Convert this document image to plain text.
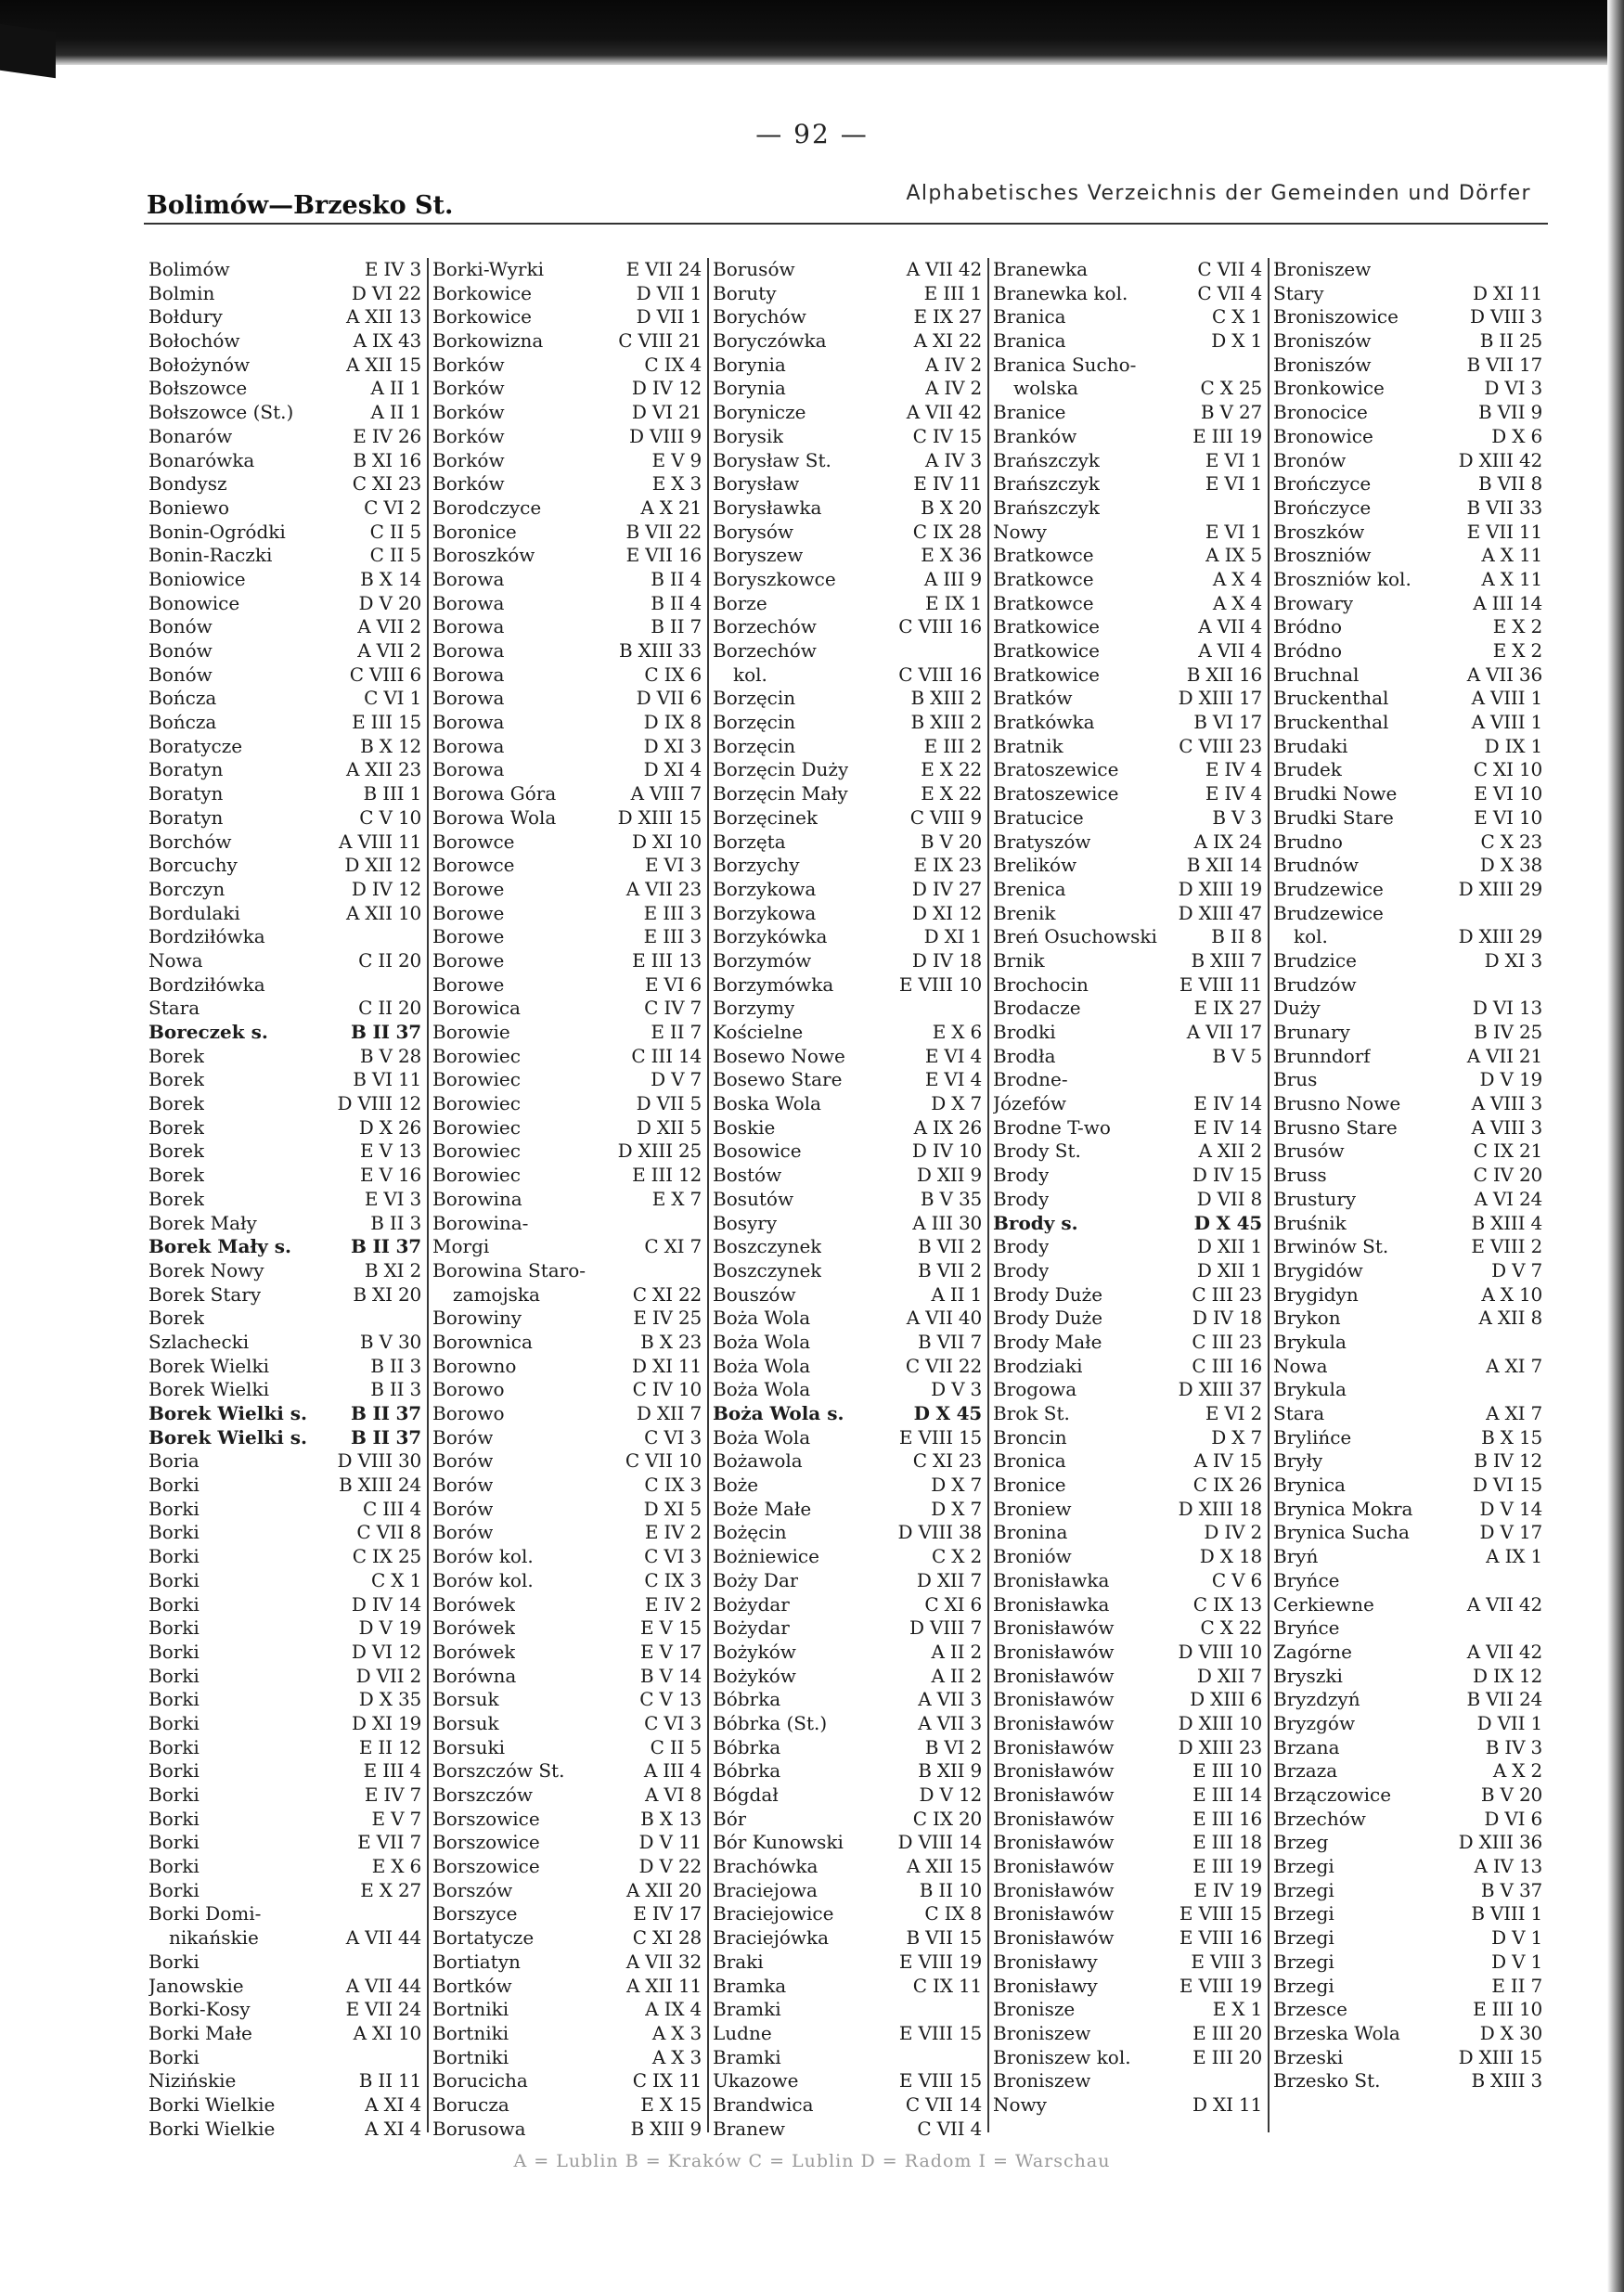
— 92 —
Bolimów—Brzesko St.	Alphabetisches Verzeichnis der Gemeinden und Dörfer
Bolimów	E IV 3
Bolmin	D VI 22
Bołdury	A XII 13
Bołochów	A IX 43
Bołożynów	A XII 15
Bołszowce	A II 1
Bołszowce (St.)	A II 1
Bonarów	E IV 26
Bonarówka	B XI 16
Bondysz	C XI 23
Boniewo	C VI 2
Bonin-Ogródki	C II 5
Bonin-Raczki	C II 5
Boniowice	B X 14
Bonowice	D V 20
Bonów	A VII 2
Bonów	A VII 2
Bonów	C VIII 6
Bończa	C VI 1
Bończa	E III 15
Boratycze	B X 12
Boratyn	A XII 23
Boratyn	B III 1
Boratyn	C V 10
Borchów	A VIII 11
Borcuchy	D XII 12
Borczyn	D IV 12
Bordulaki	A XII 10
Bordziłówka
Nowa	C II 20
Bordziłówka
Stara	C II 20
Boreczek s.	B II 37
Borek	B V 28
Borek	B VI 11
Borek	D VIII 12
Borek	D X 26
Borek	E V 13
Borek	E V 16
Borek	E VI 3
Borek Mały	B II 3
Borek Mały s.	B II 37
Borek Nowy	B XI 2
Borek Stary	B XI 20
Borek
Szlachecki	B V 30
Borek Wielki	B II 3
Borek Wielki	B II 3
Borek Wielki s.	B II 37
Borek Wielki s.	B II 37
Boria	D VIII 30
Borki	B XIII 24
Borki	C III 4
Borki	C VII 8
Borki	C IX 25
Borki	C X 1
Borki	D IV 14
Borki	D V 19
Borki	D VI 12
Borki	D VII 2
Borki	D X 35
Borki	D XI 19
Borki	E II 12
Borki	E III 4
Borki	E IV 7
Borki	E V 7
Borki	E VII 7
Borki	E X 6
Borki	E X 27
Borki Domi-
nikańskie	A VII 44
Borki
Janowskie	A VII 44
Borki-Kosy	E VII 24
Borki Małe	A XI 10
Borki
Nizińskie	B II 11
Borki Wielkie	A XI 4
Borki Wielkie	A XI 4
Borki-Wyrki	E VII 24
Borkowice	D VII 1
Borkowice	D VII 1
Borkowizna	C VIII 21
Borków	C IX 4
Borków	D IV 12
Borków	D VI 21
Borków	D VIII 9
Borków	E V 9
Borków	E X 3
Borodczyce	A X 21
Boronice	B VII 22
Boroszków	E VII 16
Borowa	B II 4
Borowa	B II 4
Borowa	B II 7
Borowa	B XIII 33
Borowa	C IX 6
Borowa	D VII 6
Borowa	D IX 8
Borowa	D XI 3
Borowa	D XI 4
Borowa Góra	A VIII 7
Borowa Wola	D XIII 15
Borowce	D XI 10
Borowce	E VI 3
Borowe	A VII 23
Borowe	E III 3
Borowe	E III 3
Borowe	E III 13
Borowe	E VI 6
Borowica	C IV 7
Borowie	E II 7
Borowiec	C III 14
Borowiec	D V 7
Borowiec	D VII 5
Borowiec	D XII 5
Borowiec	D XIII 25
Borowiec	E III 12
Borowina	E X 7
Borowina-
Morgi	C XI 7
Borowina Staro-
zamojska	C XI 22
Borowiny	E IV 25
Borownica	B X 23
Borowno	D XI 11
Borowo	C IV 10
Borowo	D XII 7
Borów	C VI 3
Borów	C VII 10
Borów	C IX 3
Borów	D XI 5
Borów	E IV 2
Borów kol.	C VI 3
Borów kol.	C IX 3
Borówek	E IV 2
Borówek	E V 15
Borówek	E V 17
Borówna	B V 14
Borsuk	C V 13
Borsuk	C VI 3
Borsuki	C II 5
Borszczów St.	A III 4
Borszczów	A VI 8
Borszowice	B X 13
Borszowice	D V 11
Borszowice	D V 22
Borszów	A XII 20
Borszyce	E IV 17
Bortatycze	C XI 28
Bortiatyn	A VII 32
Bortków	A XII 11
Bortniki	A IX 4
Bortniki	A X 3
Bortniki	A X 3
Borucicha	C IX 11
Borucza	E X 15
Borusowa	B XIII 9
Borusów	A VII 42
Boruty	E III 1
Borychów	E IX 27
Boryczówka	A XI 22
Borynia	A IV 2
Borynia	A IV 2
Borynicze	A VII 42
Borysik	C IV 15
Borysław St.	A IV 3
Borysław	E IV 11
Borysławka	B X 20
Borysów	C IX 28
Boryszew	E X 36
Boryszkowce	A III 9
Borze	E IX 1
Borzechów	C VIII 16
Borzechów
kol.	C VIII 16
Borzęcin	B XIII 2
Borzęcin	B XIII 2
Borzęcin	E III 2
Borzęcin Duży	E X 22
Borzęcin Mały	E X 22
Borzęcinek	C VIII 9
Borzęta	B V 20
Borzychy	E IX 23
Borzykowa	D IV 27
Borzykowa	D XI 12
Borzykówka	D XI 1
Borzymów	D IV 18
Borzymówka	E VIII 10
Borzymy
Kościelne	E X 6
Bosewo Nowe	E VI 4
Bosewo Stare	E VI 4
Boska Wola	D X 7
Boskie	A IX 26
Bosowice	D IV 10
Bostów	D XII 9
Bosutów	B V 35
Bosyry	A III 30
Boszczynek	B VII 2
Boszczynek	B VII 2
Bouszów	A II 1
Boża Wola	A VII 40
Boża Wola	B VII 7
Boża Wola	C VII 22
Boża Wola	D V 3
Boża Wola s.	D X 45
Boża Wola	E VIII 15
Bożawola	C XI 23
Boże	D X 7
Boże Małe	D X 7
Bożęcin	D VIII 38
Bożniewice	C X 2
Boży Dar	D XII 7
Bożydar	C XI 6
Bożydar	D VIII 7
Bożyków	A II 2
Bożyków	A II 2
Bóbrka	A VII 3
Bóbrka (St.)	A VII 3
Bóbrka	B VI 2
Bóbrka	B XII 9
Bógdał	D V 12
Bór	C IX 20
Bór Kunowski	D VIII 14
Brachówka	A XII 15
Braciejowa	B II 10
Braciejowice	C IX 8
Braciejówka	B VII 15
Braki	E VIII 19
Bramka	C IX 11
Bramki
Ludne	E VIII 15
Bramki
Ukazowe	E VIII 15
Brandwica	C VII 14
Branew	C VII 4
Branewka	C VII 4
Branewka kol.	C VII 4
Branica	C X 1
Branica	D X 1
Branica Sucho-
wolska	C X 25
Branice	B V 27
Branków	E III 19
Brańszczyk	E VI 1
Brańszczyk	E VI 1
Brańszczyk
Nowy	E VI 1
Bratkowce	A IX 5
Bratkowce	A X 4
Bratkowce	A X 4
Bratkowice	A VII 4
Bratkowice	A VII 4
Bratkowice	B XII 16
Bratków	D XIII 17
Bratkówka	B VI 17
Bratnik	C VIII 23
Bratoszewice	E IV 4
Bratoszewice	E IV 4
Bratucice	B V 3
Bratyszów	A IX 24
Brelików	B XII 14
Brenica	D XIII 19
Brenik	D XIII 47
Breń Osuchowski	B II 8
Brnik	B XIII 7
Brochocin	E VIII 11
Brodacze	E IX 27
Brodki	A VII 17
Brodła	B V 5
Brodne-
Józefów	E IV 14
Brodne T-wo	E IV 14
Brody St.	A XII 2
Brody	D IV 15
Brody	D VII 8
Brody s.	D X 45
Brody	D XII 1
Brody	D XII 1
Brody Duże	C III 23
Brody Duże	D IV 18
Brody Małe	C III 23
Brodziaki	C III 16
Brogowa	D XIII 37
Brok St.	E VI 2
Broncin	D X 7
Bronica	A IV 15
Bronice	C IX 26
Broniew	D XIII 18
Bronina	D IV 2
Broniów	D X 18
Bronisławka	C V 6
Bronisławka	C IX 13
Bronisławów	C X 22
Bronisławów	D VIII 10
Bronisławów	D XII 7
Bronisławów	D XIII 6
Bronisławów	D XIII 10
Bronisławów	D XIII 23
Bronisławów	E III 10
Bronisławów	E III 14
Bronisławów	E III 16
Bronisławów	E III 18
Bronisławów	E III 19
Bronisławów	E IV 19
Bronisławów	E VIII 15
Bronisławów	E VIII 16
Bronisławy	E VIII 3
Bronisławy	E VIII 19
Bronisze	E X 1
Broniszew	E III 20
Broniszew kol.	E III 20
Broniszew
Nowy	D XI 11
Broniszew
Stary	D XI 11
Broniszowice	D VIII 3
Broniszów	B II 25
Broniszów	B VII 17
Bronkowice	D VI 3
Bronocice	B VII 9
Bronowice	D X 6
Bronów	D XIII 42
Brończyce	B VII 8
Brończyce	B VII 33
Broszków	E VII 11
Broszniów	A X 11
Broszniów kol.	A X 11
Browary	A III 14
Bródno	E X 2
Bródno	E X 2
Bruchnal	A VII 36
Bruckenthal	A VIII 1
Bruckenthal	A VIII 1
Brudaki	D IX 1
Brudek	C XI 10
Brudki Nowe	E VI 10
Brudki Stare	E VI 10
Brudno	C X 23
Brudnów	D X 38
Brudzewice	D XIII 29
Brudzewice
kol.	D XIII 29
Brudzice	D XI 3
Brudzów
Duży	D VI 13
Brunary	B IV 25
Brunndorf	A VII 21
Brus	D V 19
Brusno Nowe	A VIII 3
Brusno Stare	A VIII 3
Brusów	C IX 21
Bruss	C IV 20
Brustury	A VI 24
Bruśnik	B XIII 4
Brwinów St.	E VIII 2
Brygidów	D V 7
Brygidyn	A X 10
Brykon	A XII 8
Brykula
Nowa	A XI 7
Brykula
Stara	A XI 7
Brylińce	B X 15
Bryły	B IV 12
Brynica	D VI 15
Brynica Mokra	D V 14
Brynica Sucha	D V 17
Bryń	A IX 1
Bryńce
Cerkiewne	A VII 42
Bryńce
Zagórne	A VII 42
Bryszki	D IX 12
Bryzdzyń	B VII 24
Bryzgów	D VII 1
Brzana	B IV 3
Brzaza	A X 2
Brzączowice	B V 20
Brzechów	D VI 6
Brzeg	D XIII 36
Brzegi	A IV 13
Brzegi	B V 37
Brzegi	B VIII 1
Brzegi	D V 1
Brzegi	D V 1
Brzegi	E II 7
Brzesce	E III 10
Brzeska Wola	D X 30
Brzeski	D XIII 15
Brzesko St.	B XIII 3
A = Lublin B = Kraków C = Lublin D = Radom I = Warschau
